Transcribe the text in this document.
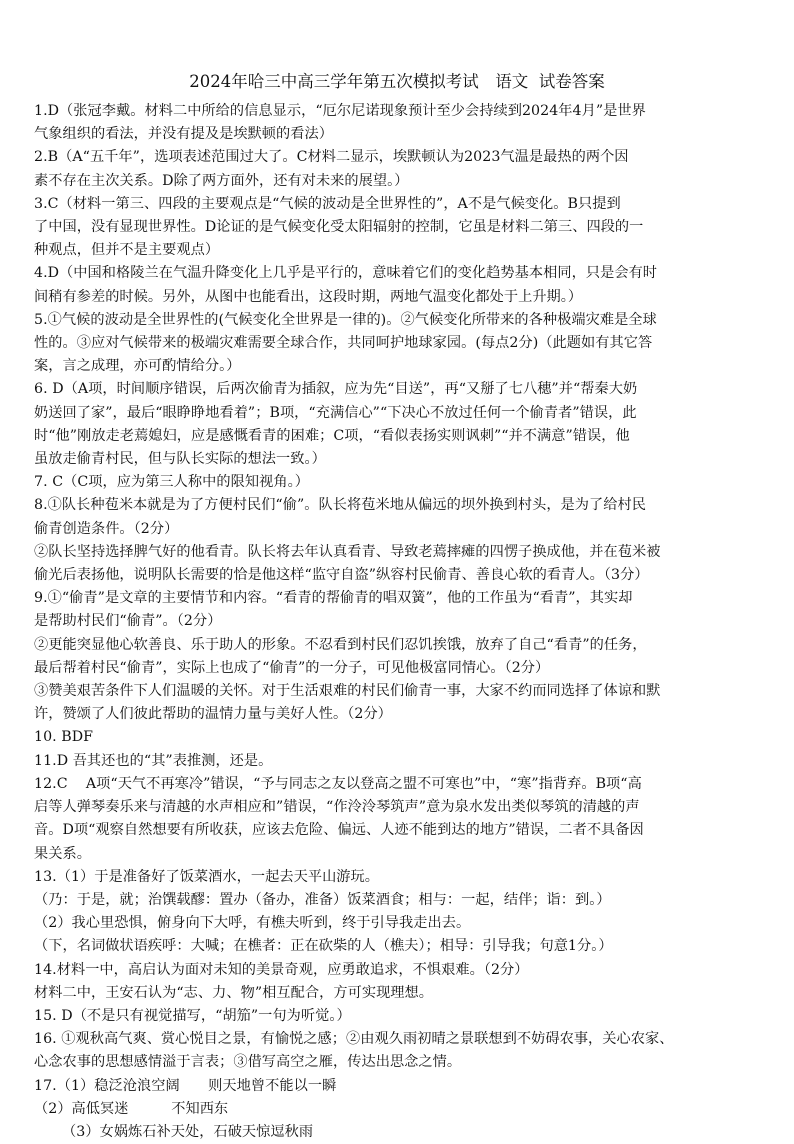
2024年哈三中高三学年第五次模拟考试　语文  试卷答案
1.D（张冠李戴。材料二中所给的信息显示，“厄尔尼诺现象预计至少会持续到2024年4月”是世界
气象组织的看法，并没有提及是埃默顿的看法）
2.B（A“五千年”，选项表述范围过大了。C材料二显示，埃默顿认为2023气温是最热的两个因
素不存在主次关系。D除了两方面外，还有对未来的展望。）
3.C（材料一第三、四段的主要观点是“气候的波动是全世界性的”，A不是气候变化。B只提到
了中国，没有显现世界性。D论证的是气候变化受太阳辐射的控制，它虽是材料二第三、四段的一
种观点，但并不是主要观点）
4.D（中国和格陵兰在气温升降变化上几乎是平行的，意味着它们的变化趋势基本相同，只是会有时
间稍有参差的时候。另外，从图中也能看出，这段时期，两地气温变化都处于上升期。）
5.①气候的波动是全世界性的(气候变化全世界是一律的)。②气候变化所带来的各种极端灾难是全球
性的。③应对气候带来的极端灾难需要全球合作，共同呵护地球家园。(每点2分)（此题如有其它答
案，言之成理，亦可酌情给分。）
6. D（A项，时间顺序错误，后两次偷青为插叙，应为先“目送”，再“又掰了七八穗”并“帮秦大奶
奶送回了家”，最后“眼睁睁地看着”；B项，“充满信心”“下决心不放过任何一个偷青者”错误，此
时“他”刚放走老蔫媳妇，应是感慨看青的困难；C项，“看似表扬实则讽刺”“并不满意”错误，他
虽放走偷青村民，但与队长实际的想法一致。）
7. C（C项，应为第三人称中的限知视角。）
8.①队长种苞米本就是为了方便村民们“偷”。队长将苞米地从偏远的坝外换到村头，是为了给村民
偷青创造条件。（2分）
②队长坚持选择脾气好的他看青。队长将去年认真看青、导致老蔫摔瘫的四愣子换成他，并在苞米被
偷光后表扬他，说明队长需要的恰是他这样“监守自盗”纵容村民偷青、善良心软的看青人。（3分）
9.①“偷青”是文章的主要情节和内容。“看青的帮偷青的唱双簧”，他的工作虽为“看青”，其实却
是帮助村民们“偷青”。（2分）
②更能突显他心软善良、乐于助人的形象。不忍看到村民们忍饥挨饿，放弃了自己“看青”的任务，
最后帮着村民“偷青”，实际上也成了“偷青”的一分子，可见他极富同情心。（2分）
③赞美艰苦条件下人们温暖的关怀。对于生活艰难的村民们偷青一事，大家不约而同选择了体谅和默
许，赞颂了人们彼此帮助的温情力量与美好人性。（2分）
10. BDF
11.D 吾其还也的“其”表推测，还是。
12.C    A项“天气不再寒冷”错误，“予与同志之友以登高之盟不可寒也”中，“寒”指背弃。B项“高
启等人弹琴奏乐来与清越的水声相应和”错误，“作泠泠琴筑声”意为泉水发出类似琴筑的清越的声
音。D项“观察自然想要有所收获，应该去危险、偏远、人迹不能到达的地方”错误，二者不具备因
果关系。
13.（1）于是准备好了饭菜酒水，一起去天平山游玩。
（乃：于是，就；治馔载醪：置办（备办，准备）饭菜酒食；相与：一起，结伴；诣：到。）
（2）我心里恐惧，俯身向下大呼，有樵夫听到，终于引导我走出去。
（下，名词做状语疾呼：大喊；在樵者：正在砍柴的人（樵夫）；相导：引导我；句意1分。）
14.材料一中，高启认为面对未知的美景奇观，应勇敢追求，不惧艰难。（2分）
材料二中，王安石认为“志、力、物”相互配合，方可实现理想。
15. D（不是只有视觉描写，“胡笳”一句为听觉。）
16. ①观秋高气爽、赏心悦目之景，有愉悦之感；②由观久雨初晴之景联想到不妨碍农事，关心农家、
心念农事的思想感情溢于言表；③借写高空之雁，传达出思念之情。
17.（1）稳泛沧浪空阔　　则天地曾不能以一瞬
（2）高低冥迷　　　不知西东
（3）女娲炼石补天处，石破天惊逗秋雨
